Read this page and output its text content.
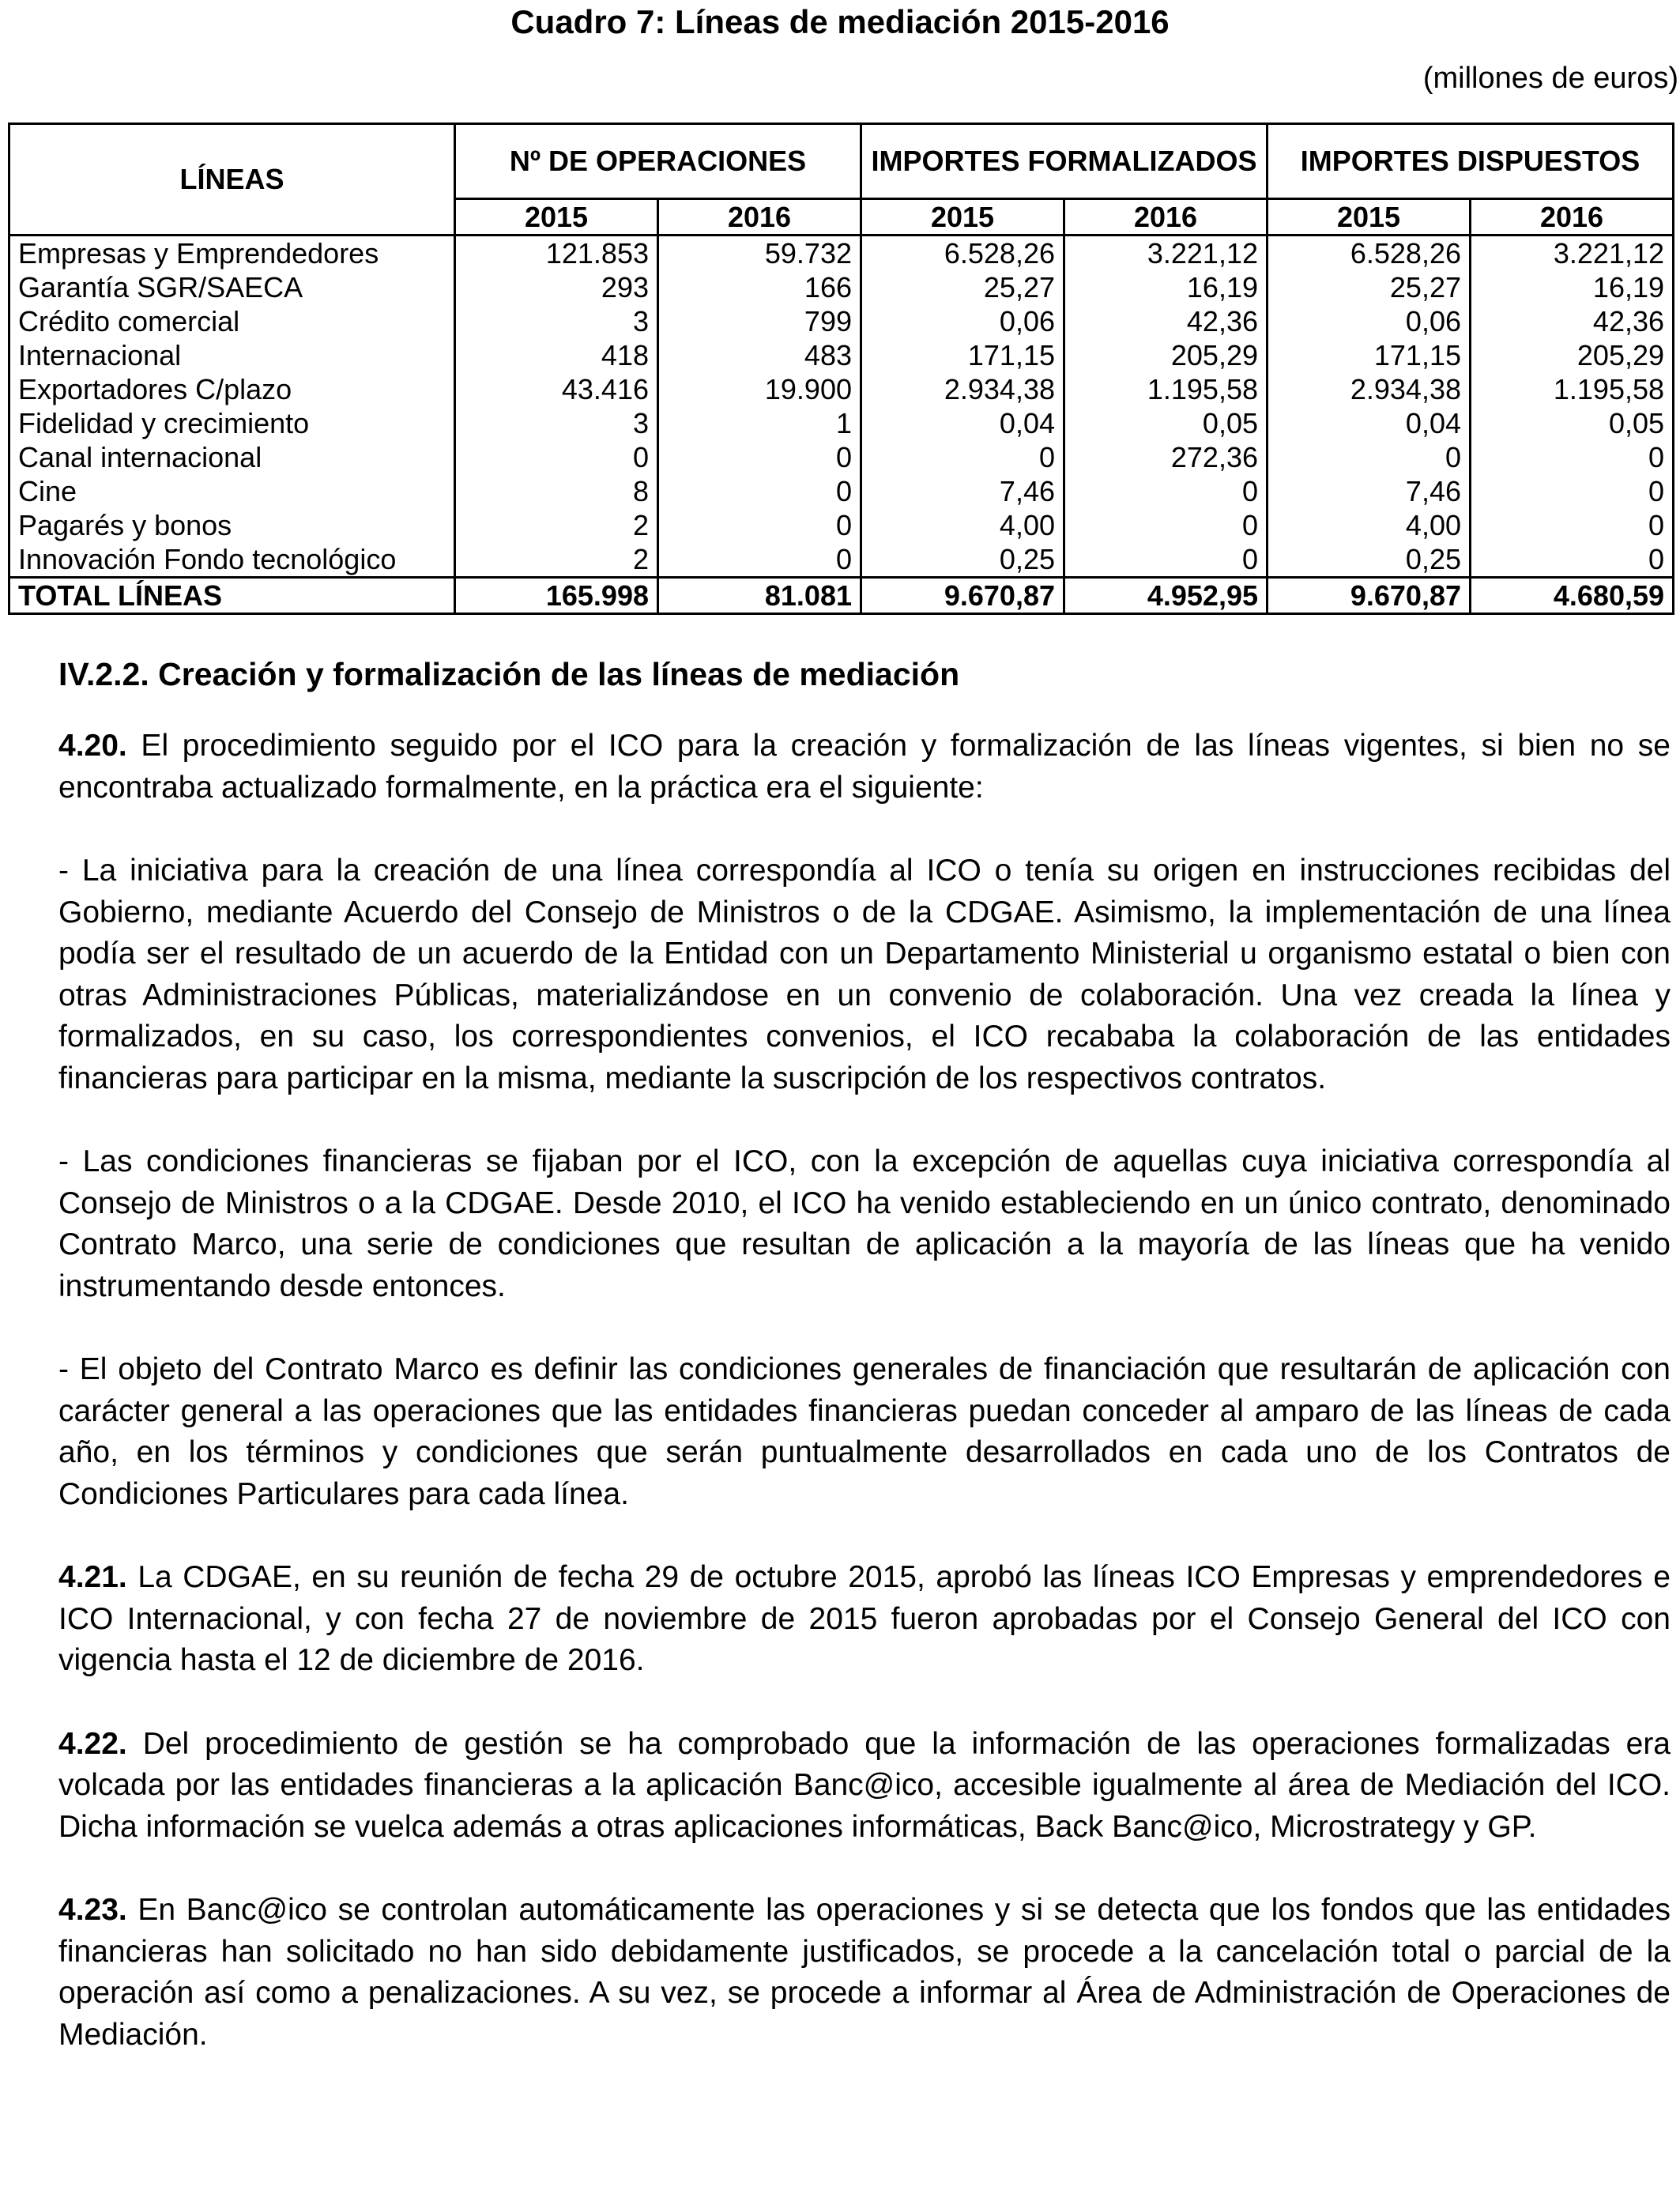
Cuadro 7: Líneas de mediación 2015-2016
(millones de euros)
LÍNEAS	Nº DE OPERACIONES		IMPORTES FORMALIZADOS		IMPORTES DISPUESTOS	
	2015	2016	2015	2016	2015	2016
Empresas y Emprendedores	121.853	59.732	6.528,26	3.221,12	6.528,26	3.221,12
Garantía SGR/SAECA	293	166	25,27	16,19	25,27	16,19
Crédito comercial	3	799	0,06	42,36	0,06	42,36
Internacional	418	483	171,15	205,29	171,15	205,29
Exportadores C/plazo	43.416	19.900	2.934,38	1.195,58	2.934,38	1.195,58
Fidelidad y crecimiento	3	1	0,04	0,05	0,04	0,05
Canal internacional	0	0	0	272,36	0	0
Cine	8	0	7,46	0	7,46	0
Pagarés y bonos	2	0	4,00	0	4,00	0
Innovación Fondo tecnológico	2	0	0,25	0	0,25	0
TOTAL LÍNEAS	165.998	81.081	9.670,87	4.952,95	9.670,87	4.680,59
IV.2.2. Creación y formalización de las líneas de mediación

4.20. El procedimiento seguido por el ICO para la creación y formalización de las líneas vigentes, si bien no se encontraba actualizado formalmente, en la práctica era el siguiente:

- La iniciativa para la creación de una línea correspondía al ICO o tenía su origen en instrucciones recibidas del Gobierno, mediante Acuerdo del Consejo de Ministros o de la CDGAE. Asimismo, la implementación de una línea podía ser el resultado de un acuerdo de la Entidad con un Departamento Ministerial u organismo estatal o bien con otras Administraciones Públicas, materializándose en un convenio de colaboración. Una vez creada la línea y formalizados, en su caso, los correspondientes convenios, el ICO recababa la colaboración de las entidades financieras para participar en la misma, mediante la suscripción de los respectivos contratos.

- Las condiciones financieras se fijaban por el ICO, con la excepción de aquellas cuya iniciativa correspondía al Consejo de Ministros o a la CDGAE. Desde 2010, el ICO ha venido estableciendo en un único contrato, denominado Contrato Marco, una serie de condiciones que resultan de aplicación a la mayoría de las líneas que ha venido instrumentando desde entonces.

- El objeto del Contrato Marco es definir las condiciones generales de financiación que resultarán de aplicación con carácter general a las operaciones que las entidades financieras puedan conceder al amparo de las líneas de cada año, en los términos y condiciones que serán puntualmente desarrollados en cada uno de los Contratos de Condiciones Particulares para cada línea.

4.21. La CDGAE, en su reunión de fecha 29 de octubre 2015, aprobó las líneas ICO Empresas y emprendedores e ICO Internacional, y con fecha 27 de noviembre de 2015 fueron aprobadas por el Consejo General del ICO con vigencia hasta el 12 de diciembre de 2016.

4.22. Del procedimiento de gestión se ha comprobado que la información de las operaciones formalizadas era volcada por las entidades financieras a la aplicación Banc@ico, accesible igualmente al área de Mediación del ICO. Dicha información se vuelca además a otras aplicaciones informáticas, Back Banc@ico, Microstrategy y GP.

4.23. En Banc@ico se controlan automáticamente las operaciones y si se detecta que los fondos que las entidades financieras han solicitado no han sido debidamente justificados, se procede a la cancelación total o parcial de la operación así como a penalizaciones. A su vez, se procede a informar al Área de Administración de Operaciones de Mediación.
